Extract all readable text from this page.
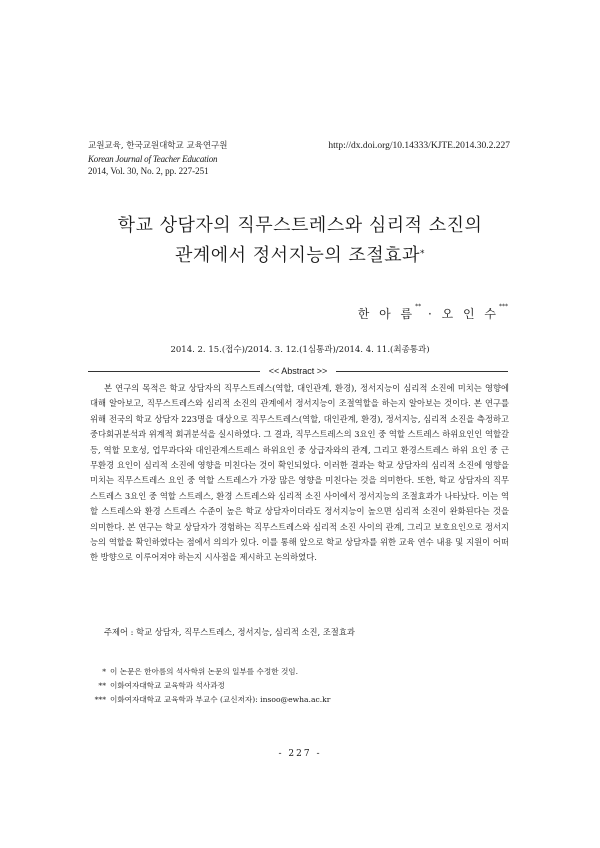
교원교육, 한국교원대학교 교육연구원
Korean Journal of Teacher Education
2014, Vol. 30, No. 2, pp. 227-251
http://dx.doi.org/10.14333/KJTE.2014.30.2.227
학교 상담자의 직무스트레스와 심리적 소진의
관계에서 정서지능의 조절효과*
한 아 름** · 오 인 수***
2014. 2. 15.(접수)/2014. 3. 12.(1심통과)/2014. 4. 11.(최종통과)
<< Abstract >>

본 연구의 목적은 학교 상담자의 직무스트레스(역할, 대인관계, 환경), 정서지능이 심리적 소진에 미치는 영향에 대해 알아보고, 직무스트레스와 심리적 소진의 관계에서 정서지능이 조절역할을 하는지 알아보는 것이다. 본 연구를 위해 전국의 학교 상담자 223명을 대상으로 직무스트레스(역할, 대인관계, 환경), 정서지능, 심리적 소진을 측정하고 중다회귀분석과 위계적 회귀분석을 실시하였다. 그 결과, 직무스트레스의 3요인 중 역할 스트레스 하위요인인 역할갈등, 역할 모호성, 업무과다와 대인관계스트레스 하위요인 중 상급자와의 관계, 그리고 환경스트레스 하위 요인 중 근무환경 요인이 심리적 소진에 영향을 미친다는 것이 확인되었다. 이러한 결과는 학교 상담자의 심리적 소진에 영향을 미치는 직무스트레스 요인 중 역할 스트레스가 가장 많은 영향을 미친다는 것을 의미한다. 또한, 학교 상담자의 직무스트레스 3요인 중 역할 스트레스, 환경 스트레스와 심리적 소진 사이에서 정서지능의 조절효과가 나타났다. 이는 역할 스트레스와 환경 스트레스 수준이 높은 학교 상담자이더라도 정서지능이 높으면 심리적 소진이 완화된다는 것을 의미한다. 본 연구는 학교 상담자가 경험하는 직무스트레스와 심리적 소진 사이의 관계, 그리고 보호요인으로 정서지능의 역할을 확인하였다는 점에서 의의가 있다. 이를 통해 앞으로 학교 상담자를 위한 교육 연수 내용 및 지원이 어떠한 방향으로 이루어져야 하는지 시사점을 제시하고 논의하였다.

주제어 : 학교 상담자, 직무스트레스, 정서지능, 심리적 소진, 조절효과
* 이 논문은 한아름의 석사학위 논문의 일부를 수정한 것임.
** 이화여자대학교 교육학과 석사과정
*** 이화여자대학교 교육학과 부교수 (교신저자): insoo@ewha.ac.kr
- 227 -
